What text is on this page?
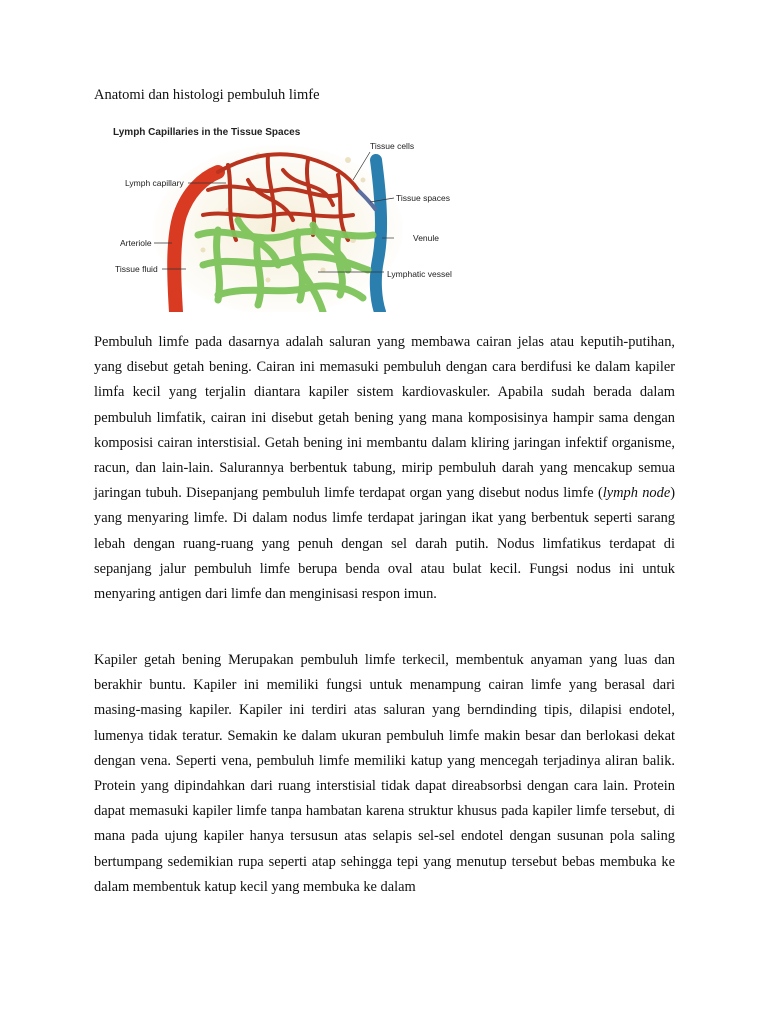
Anatomi dan histologi pembuluh limfe
Lymph Capillaries in the Tissue Spaces
Tissue cells
Lymph capillary
Tissue spaces
Arteriole	Venule
Tissue fluid	Lymphatic vessel

Pembuluh limfe pada dasarnya adalah saluran yang membawa cairan jelas atau keputih-putihan, yang disebut getah bening. Cairan ini memasuki pembuluh dengan cara berdifusi ke dalam kapiler limfa kecil yang terjalin diantara kapiler sistem kardiovaskuler. Apabila sudah berada dalam pembuluh limfatik, cairan ini disebut getah bening yang mana komposisinya hampir sama dengan komposisi cairan interstisial. Getah bening ini membantu dalam kliring jaringan infektif organisme, racun, dan lain-lain. Salurannya berbentuk tabung, mirip pembuluh darah yang mencakup semua jaringan tubuh. Disepanjang pembuluh limfe terdapat organ yang disebut nodus limfe (lymph node) yang menyaring limfe. Di dalam nodus limfe terdapat jaringan ikat yang berbentuk seperti sarang lebah dengan ruang-ruang yang penuh dengan sel darah putih. Nodus limfatikus terdapat di sepanjang jalur pembuluh limfe berupa benda oval atau bulat kecil. Fungsi nodus ini untuk menyaring antigen dari limfe dan menginisasi respon imun.

Kapiler getah bening Merupakan pembuluh limfe terkecil, membentuk anyaman yang luas dan berakhir buntu. Kapiler ini memiliki fungsi untuk menampung cairan limfe yang berasal dari masing-masing kapiler. Kapiler ini terdiri atas saluran yang berndinding tipis, dilapisi endotel, lumenya tidak teratur. Semakin ke dalam ukuran pembuluh limfe makin besar dan berlokasi dekat dengan vena. Seperti vena, pembuluh limfe memiliki katup yang mencegah terjadinya aliran balik. Protein yang dipindahkan dari ruang interstisial tidak dapat direabsorbsi dengan cara lain. Protein dapat memasuki kapiler limfe tanpa hambatan karena struktur khusus pada kapiler limfe tersebut, di mana pada ujung kapiler hanya tersusun atas selapis sel-sel endotel dengan susunan pola saling bertumpang sedemikian rupa seperti atap sehingga tepi yang menutup tersebut bebas membuka ke dalam membentuk katup kecil yang membuka ke dalam
